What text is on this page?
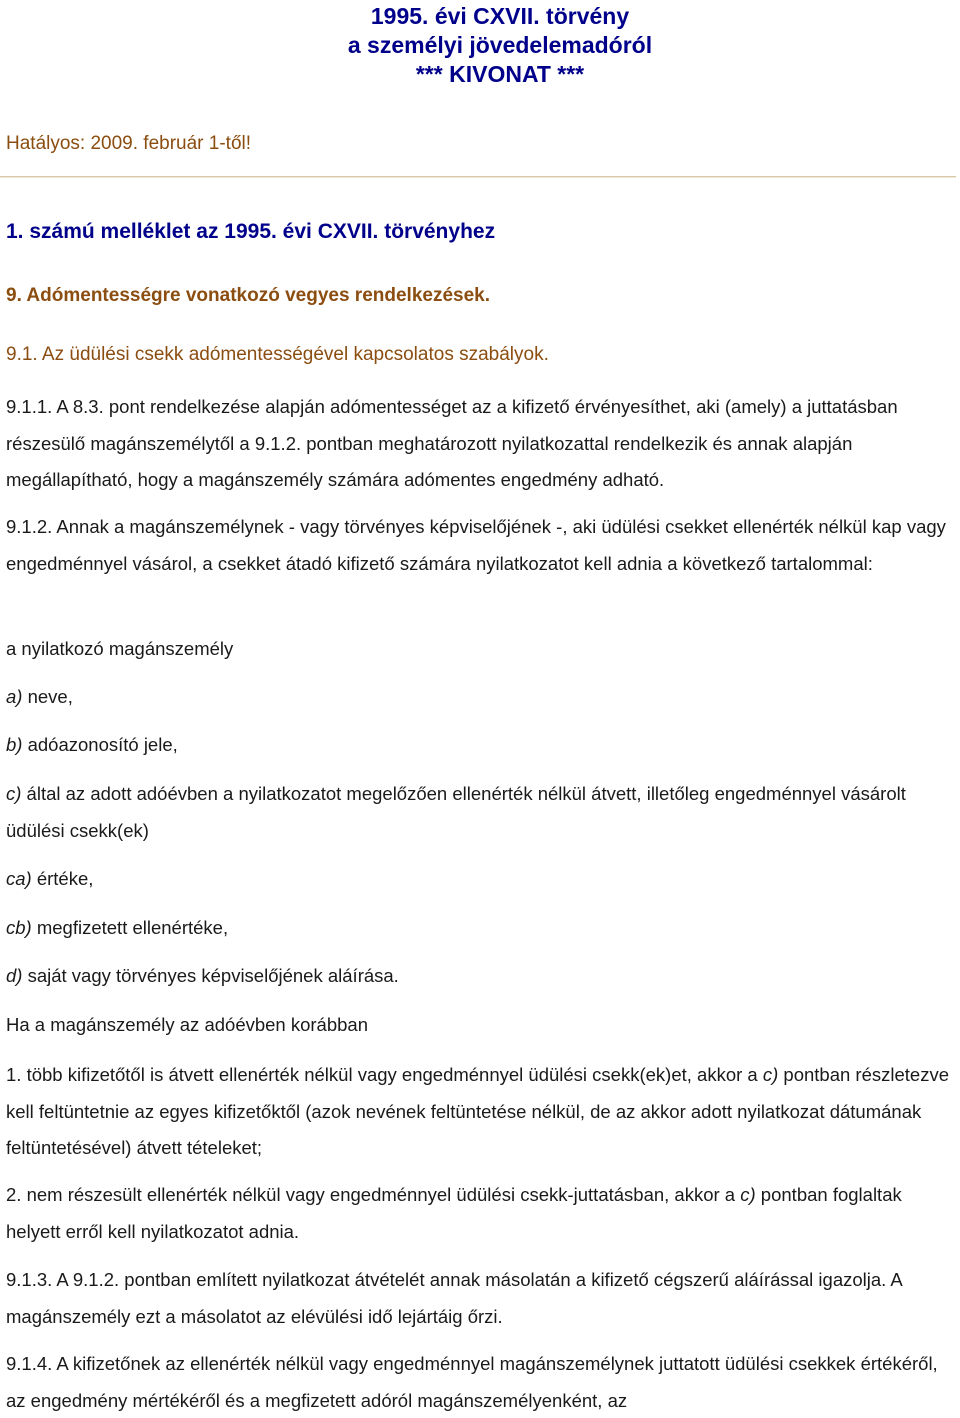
1995. évi CXVII. törvény
a személyi jövedelemadóról
*** KIVONAT ***
Hatályos: 2009. február 1-től!
1. számú melléklet az 1995. évi CXVII. törvényhez
9. Adómentességre vonatkozó vegyes rendelkezések.
9.1. Az üdülési csekk adómentességével kapcsolatos szabályok.
9.1.1. A 8.3. pont rendelkezése alapján adómentességet az a kifizető érvényesíthet, aki (amely) a juttatásban részesülő magánszemélytől a 9.1.2. pontban meghatározott nyilatkozattal rendelkezik és annak alapján megállapítható, hogy a magánszemély számára adómentes engedmény adható.
9.1.2. Annak a magánszemélynek - vagy törvényes képviselőjének -, aki üdülési csekket ellenérték nélkül kap vagy engedménnyel vásárol, a csekket átadó kifizető számára nyilatkozatot kell adnia a következő tartalommal:
a nyilatkozó magánszemély
a) neve,
b) adóazonosító jele,
c) által az adott adóévben a nyilatkozatot megelőzően ellenérték nélkül átvett, illetőleg engedménnyel vásárolt üdülési csekk(ek)
ca) értéke,
cb) megfizetett ellenértéke,
d) saját vagy törvényes képviselőjének aláírása.
Ha a magánszemély az adóévben korábban
1. több kifizetőtől is átvett ellenérték nélkül vagy engedménnyel üdülési csekk(ek)et, akkor a c) pontban részletezve kell feltüntetnie az egyes kifizetőktől (azok nevének feltüntetése nélkül, de az akkor adott nyilatkozat dátumának feltüntetésével) átvett tételeket;
2. nem részesült ellenérték nélkül vagy engedménnyel üdülési csekk-juttatásban, akkor a c) pontban foglaltak helyett erről kell nyilatkozatot adnia.
9.1.3. A 9.1.2. pontban említett nyilatkozat átvételét annak másolatán a kifizető cégszerű aláírással igazolja. A magánszemély ezt a másolatot az elévülési idő lejártáig őrzi.
9.1.4. A kifizetőnek az ellenérték nélkül vagy engedménnyel magánszemélynek juttatott üdülési csekkek értékéről, az engedmény mértékéről és a megfizetett adóról magánszemélyenként, az
